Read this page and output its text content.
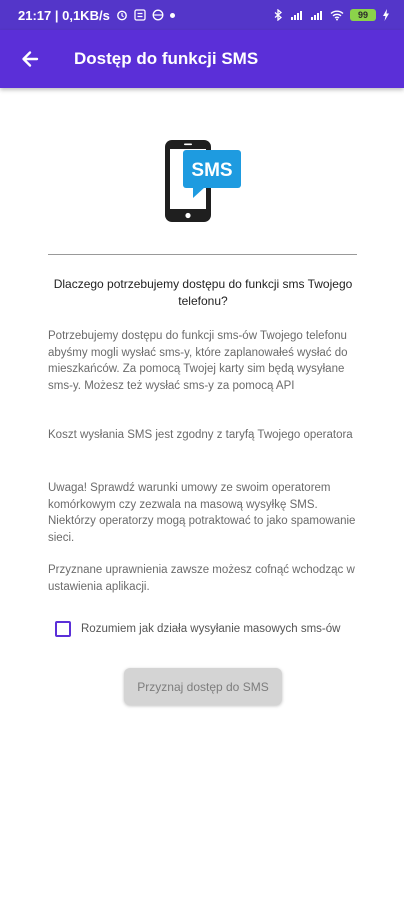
21:17 | 0,1KB/s	99
Dostęp do funkcji SMS
SMS
Dlaczego potrzebujemy dostępu do funkcji sms Twojego telefonu?
Potrzebujemy dostępu do funkcji sms-ów Twojego telefonu abyśmy mogli wysłać sms-y, które zaplanowałeś wysłać do mieszkańców. Za pomocą Twojej karty sim będą wysyłane sms-y. Możesz też wysłać sms-y za pomocą API
Koszt wysłania SMS jest zgodny z taryfą Twojego operatora
Uwaga! Sprawdź warunki umowy ze swoim operatorem komórkowym czy zezwala na masową wysyłkę SMS. Niektórzy operatorzy mogą potraktować to jako spamowanie sieci.
Przyznane uprawnienia zawsze możesz cofnąć wchodząc w ustawienia aplikacji.
Rozumiem jak działa wysyłanie masowych sms-ów
Przyznaj dostęp do SMS
